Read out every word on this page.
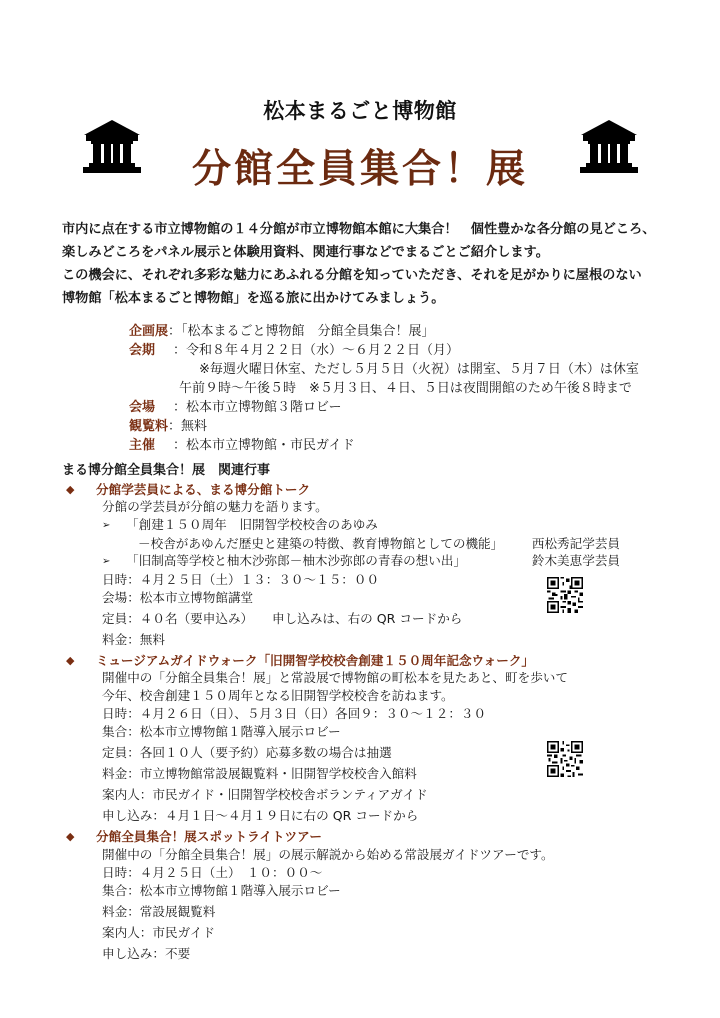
松本まるごと博物館
分館全員集合！展
市内に点在する市立博物館の１４分館が市立博物館本館に大集合！　個性豊かな各分館の見どころ、
楽しみどころをパネル展示と体験用資料、関連行事などでまるごとご紹介します。
この機会に、それぞれ多彩な魅力にあふれる分館を知っていただき、それを足がかりに屋根のない
博物館「松本まるごと博物館」を巡る旅に出かけてみましょう。
企画展 ：「松本まるごと博物館　分館全員集合！展」
会期	：令和８年４月２２日（水）～６月２２日（月）
※毎週火曜日休室、ただし５月５日（火祝）は開室、５月７日（木）は休室
午前９時～午後５時　※５月３日、４日、５日は夜間開館のため午後８時まで
会場	：松本市立博物館３階ロビー
観覧料 ：無料
主催	：松本市立博物館・市民ガイド
まる博分館全員集合！展　関連行事
◆	分館学芸員による、まる博分館トーク
分館の学芸員が分館の魅力を語ります。
➢	「創建１５０周年　旧開智学校校舎のあゆみ
－校舎があゆんだ歴史と建築の特徴、教育博物館としての機能」 西松秀記学芸員
➢	「旧制高等学校と柚木沙弥郎－柚木沙弥郎の青春の想い出」	鈴木美恵学芸員
日時：４月２５日（土）１３：３０～１５：００
会場：松本市立博物館講堂
定員：４０名（要申込み）　　申し込みは、右の QR コードから
料金：無料
◆	ミュージアムガイドウォーク「旧開智学校校舎創建１５０周年記念ウォーク」
開催中の「分館全員集合！展」と常設展で博物館の町松本を見たあと、町を歩いて
今年、校舎創建１５０周年となる旧開智学校校舎を訪ねます。
日時：４月２６日（日）、５月３日（日）各回９：３０～１２：３０
集合：松本市立博物館１階導入展示ロビー
定員：各回１０人（要予約）応募多数の場合は抽選
料金：市立博物館常設展観覧料・旧開智学校校舎入館料
案内人：市民ガイド・旧開智学校校舎ボランティアガイド
申し込み：４月１日～４月１９日に右の QR コードから
◆	分館全員集合！展スポットライトツアー
開催中の「分館全員集合！展」の展示解説から始める常設展ガイドツアーです。
日時：４月２５日（土）　１０：００～
集合：松本市立博物館１階導入展示ロビー
料金：常設展観覧料
案内人：市民ガイド
申し込み：不要
